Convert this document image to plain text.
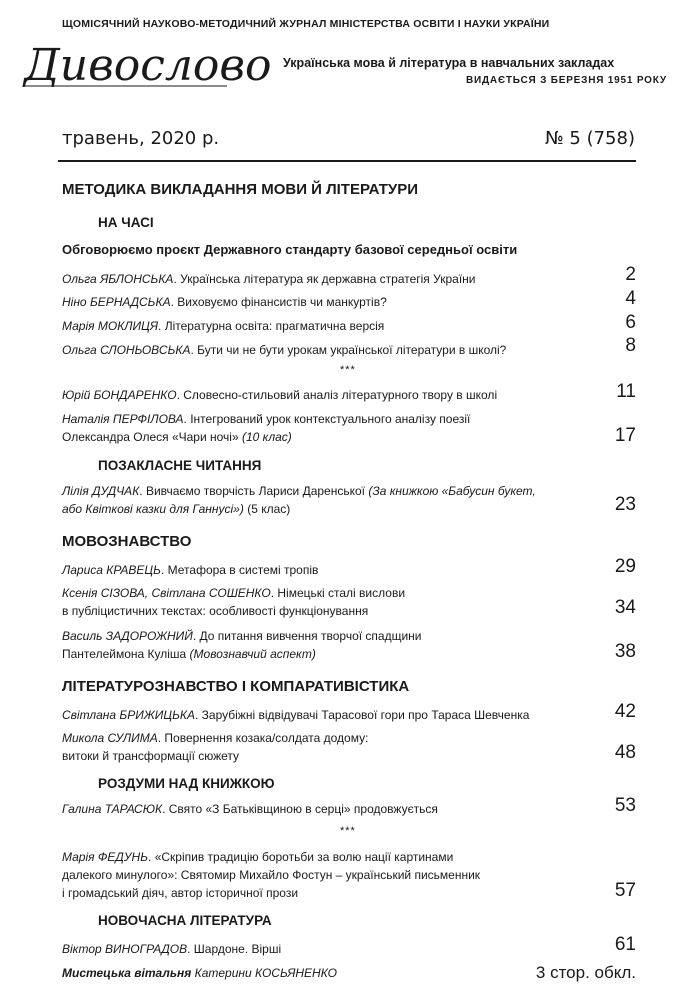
ЩОМІСЯЧНИЙ НАУКОВО-МЕТОДИЧНИЙ ЖУРНАЛ МІНІСТЕРСТВА ОСВІТИ І НАУКИ УКРАЇНИ
Дивослово Українська мова й література в навчальних закладах
ВИДАЄТЬСЯ З БЕРЕЗНЯ 1951 РОКУ
травень, 2020 р.	№ 5 (758)
МЕТОДИКА ВИКЛАДАННЯ МОВИ Й ЛІТЕРАТУРИ
НА ЧАСІ
Обговорюємо проєкт Державного стандарту базової середньої освіти
Ольга ЯБЛОНСЬКА. Українська література як державна стратегія України	2
Ніно БЕРНАДСЬКА. Виховуємо фінансистів чи манкуртів?	4
Марія МОКЛИЦЯ. Літературна освіта: прагматична версія	6
Ольга СЛОНЬОВСЬКА. Бути чи не бути урокам української літератури в школі?	8
***
Юрій БОНДАРЕНКО. Словесно-стильовий аналіз літературного твору в школі	11
Наталія ПЕРФІЛОВА. Інтегрований урок контекстуального аналізу поезії
Олександра Олеся «Чари ночі» (10 клас)	17
ПОЗАКЛАСНЕ ЧИТАННЯ
Лілія ДУДЧАК. Вивчаємо творчість Лариси Даренської (За книжкою «Бабусин букет,
або Квіткові казки для Ганнусі») (5 клас)	23
МОВОЗНАВСТВО
Лариса КРАВЕЦЬ. Метафора в системі тропів	29
Ксенія СІЗОВА, Світлана СОШЕНКО. Німецькі сталі вислови
в публіцистичних текстах: особливості функціонування	34
Василь ЗАДОРОЖНИЙ. До питання вивчення творчої спадщини
Пантелеймона Куліша (Мовознавчий аспект)	38
ЛІТЕРАТУРОЗНАВСТВО І КОМПАРАТИВІСТИКА
Світлана БРИЖИЦЬКА. Зарубіжні відвідувачі Тарасової гори про Тараса Шевченка	42
Микола СУЛИМА. Повернення козака/солдата додому:
витоки й трансформації сюжету	48
РОЗДУМИ НАД КНИЖКОЮ
Галина ТАРАСЮК. Свято «З Батьківщиною в серці» продовжується	53
***
Марія ФЕДУНЬ. «Скріпив традицію боротьби за волю нації картинами
далекого минулого»: Святомир Михайло Фостун – український письменник
і громадський діяч, автор історичної прози	57
НОВОЧАСНА ЛІТЕРАТУРА
Віктор ВИНОГРАДОВ. Шардоне. Вірші	61
Мистецька вітальня Катерини КОСЬЯНЕНКО	3 стор. обкл.
